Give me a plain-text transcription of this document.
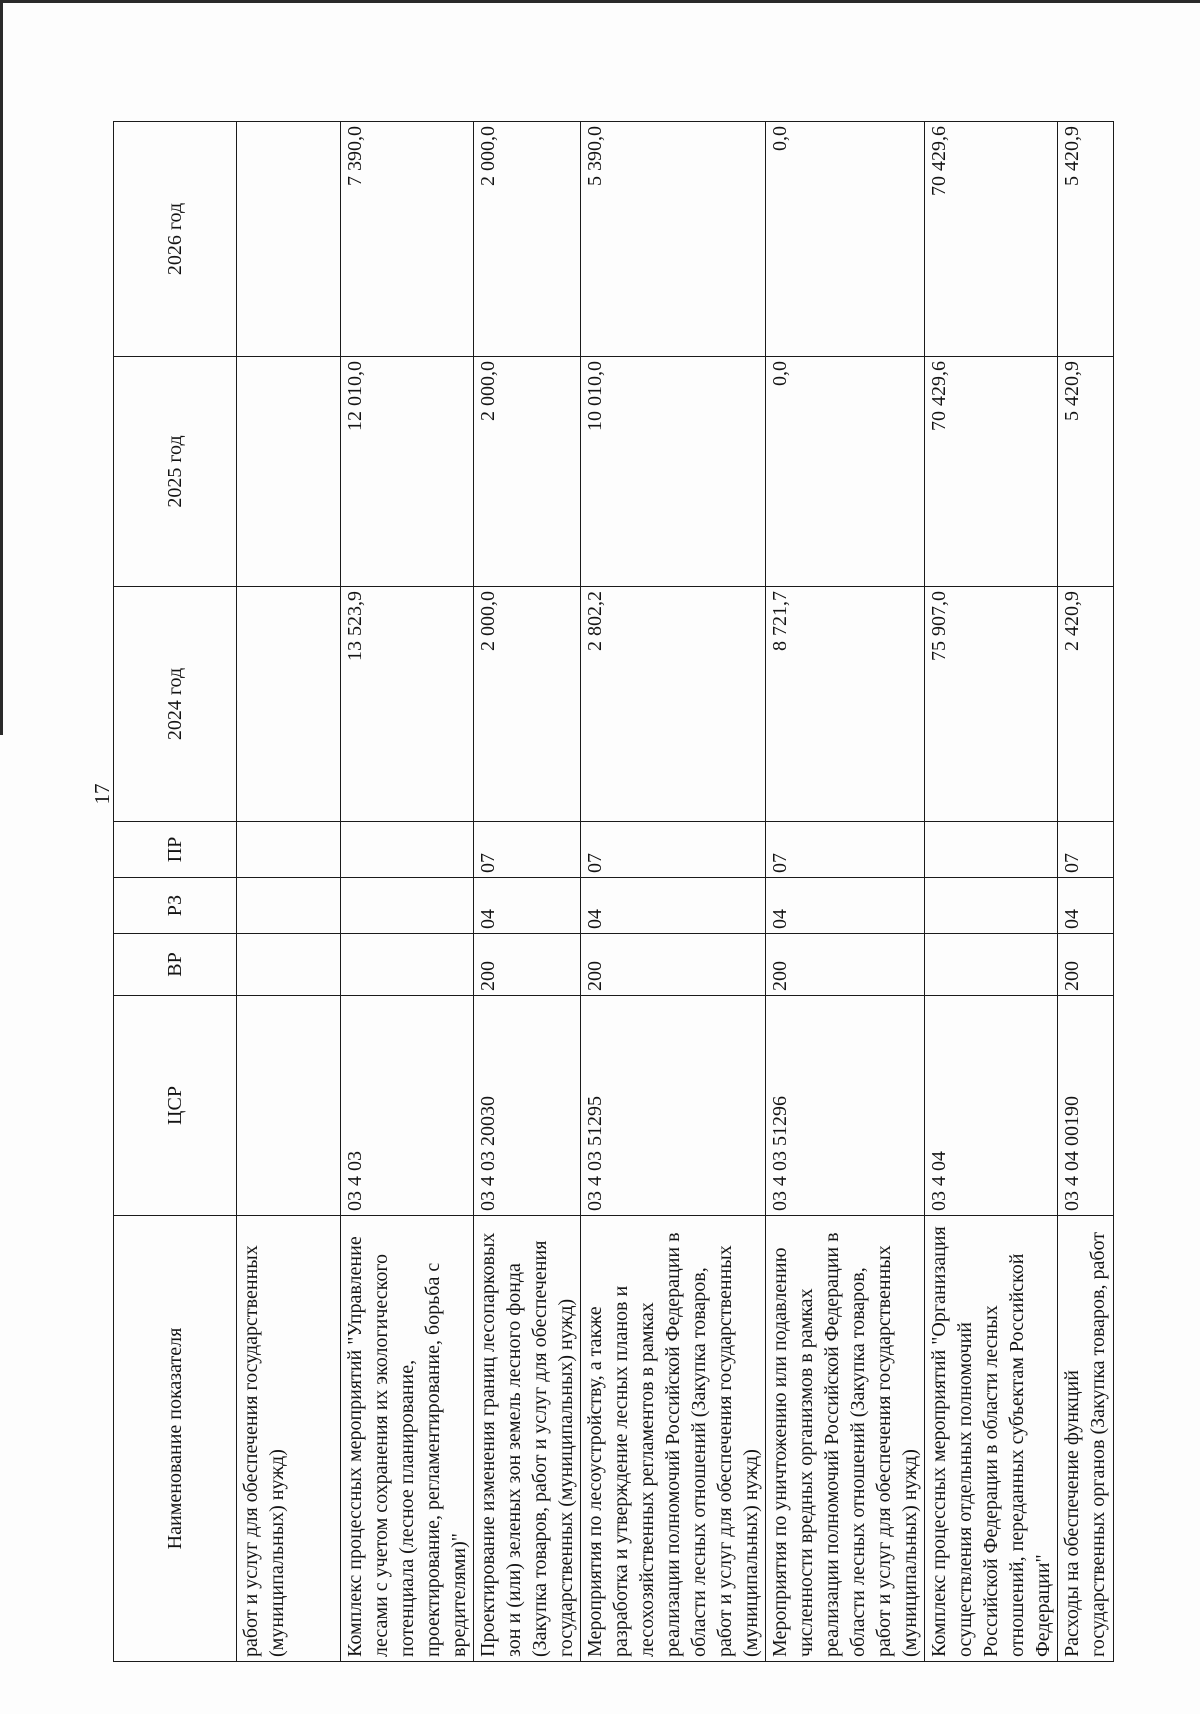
17
Наименование показателя	ЦСР	ВР	РЗ	ПР	2024 год	2025 год	2026 год
работ и услуг для обеспечения государственных (муниципальных) нужд)							
Комплекс процессных мероприятий "Управление лесами с учетом сохранения их экологического потенциала (лесное планирование, проектирование, регламентирование, борьба с вредителями)"	03 4 03				13 523,9	12 010,0	7 390,0
Проектирование изменения границ лесопарковых зон и (или) зеленых зон земель лесного фонда (Закупка товаров, работ и услуг для обеспечения государственных (муниципальных) нужд)	03 4 03 20030	200	04	07	2 000,0	2 000,0	2 000,0
Мероприятия по лесоустройству, а также разработка и утверждение лесных планов и лесохозяйственных регламентов в рамках реализации полномочий Российской Федерации в области лесных отношений (Закупка товаров, работ и услуг для обеспечения государственных (муниципальных) нужд)	03 4 03 51295	200	04	07	2 802,2	10 010,0	5 390,0
Мероприятия по уничтожению или подавлению численности вредных организмов в рамках реализации полномочий Российской Федерации в области лесных отношений (Закупка товаров, работ и услуг для обеспечения государственных (муниципальных) нужд)	03 4 03 51296	200	04	07	8 721,7	0,0	0,0
Комплекс процессных мероприятий "Организация осуществления отдельных полномочий Российской Федерации в области лесных отношений, переданных субъектам Российской Федерации"	03 4 04				75 907,0	70 429,6	70 429,6
Расходы на обеспечение функций государственных органов (Закупка товаров, работ	03 4 04 00190	200	04	07	2 420,9	5 420,9	5 420,9
